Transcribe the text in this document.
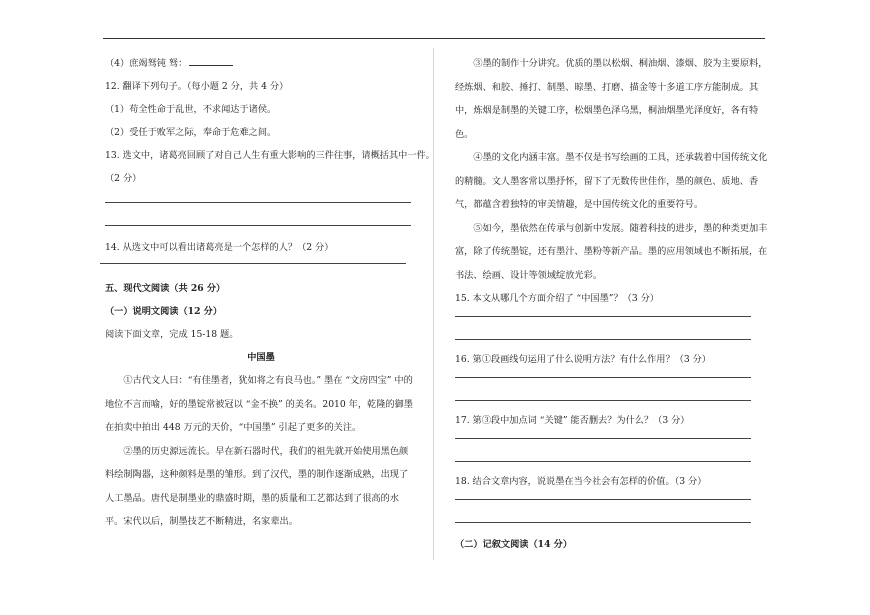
（4）庶竭驽钝 驽：
12. 翻译下列句子。（每小题 2 分，共 4 分）
（1）苟全性命于乱世，不求闻达于诸侯。
（2）受任于败军之际，奉命于危难之间。
13. 选文中，诸葛亮回顾了对自己人生有重大影响的三件往事，请概括其中一件。
（2 分）
14. 从选文中可以看出诸葛亮是一个怎样的人？（2 分）
五、现代文阅读（共 26 分）
（一）说明文阅读（12 分）
阅读下面文章，完成 15-18 题。
中国墨
①古代文人曰：“有佳墨者，犹如将之有良马也。” 墨在 “文房四宝” 中的地位不言而喻，好的墨锭常被冠以 “金不换” 的美名。2010 年，乾隆的御墨在拍卖中拍出 448 万元的天价，“中国墨” 引起了更多的关注。
②墨的历史源远流长。早在新石器时代，我们的祖先就开始使用黑色颜料绘制陶器，这种颜料是墨的雏形。到了汉代，墨的制作逐渐成熟，出现了人工墨品。唐代是制墨业的鼎盛时期，墨的质量和工艺都达到了很高的水平。宋代以后，制墨技艺不断精进，名家辈出。
③墨的制作十分讲究。优质的墨以松烟、桐油烟、漆烟、胶为主要原料，经炼烟、和胶、捶打、制墨、晾墨、打磨、描金等十多道工序方能制成。其中，炼烟是制墨的关键工序，松烟墨色泽乌黑，桐油烟墨光泽度好，各有特色。
④墨的文化内涵丰富。墨不仅是书写绘画的工具，还承载着中国传统文化的精髓。文人墨客常以墨抒怀，留下了无数传世佳作，墨的颜色、质地、香气，都蕴含着独特的审美情趣，是中国传统文化的重要符号。
⑤如今，墨依然在传承与创新中发展。随着科技的进步，墨的种类更加丰富，除了传统墨锭，还有墨汁、墨粉等新产品。墨的应用领域也不断拓展，在书法、绘画、设计等领域绽放光彩。
15. 本文从哪几个方面介绍了 “中国墨”？（3 分）
16. 第①段画线句运用了什么说明方法？有什么作用？（3 分）
17. 第③段中加点词 “关键” 能否删去？为什么？（3 分）
18. 结合文章内容，说说墨在当今社会有怎样的价值。（3 分）
（二）记叙文阅读（14 分）
